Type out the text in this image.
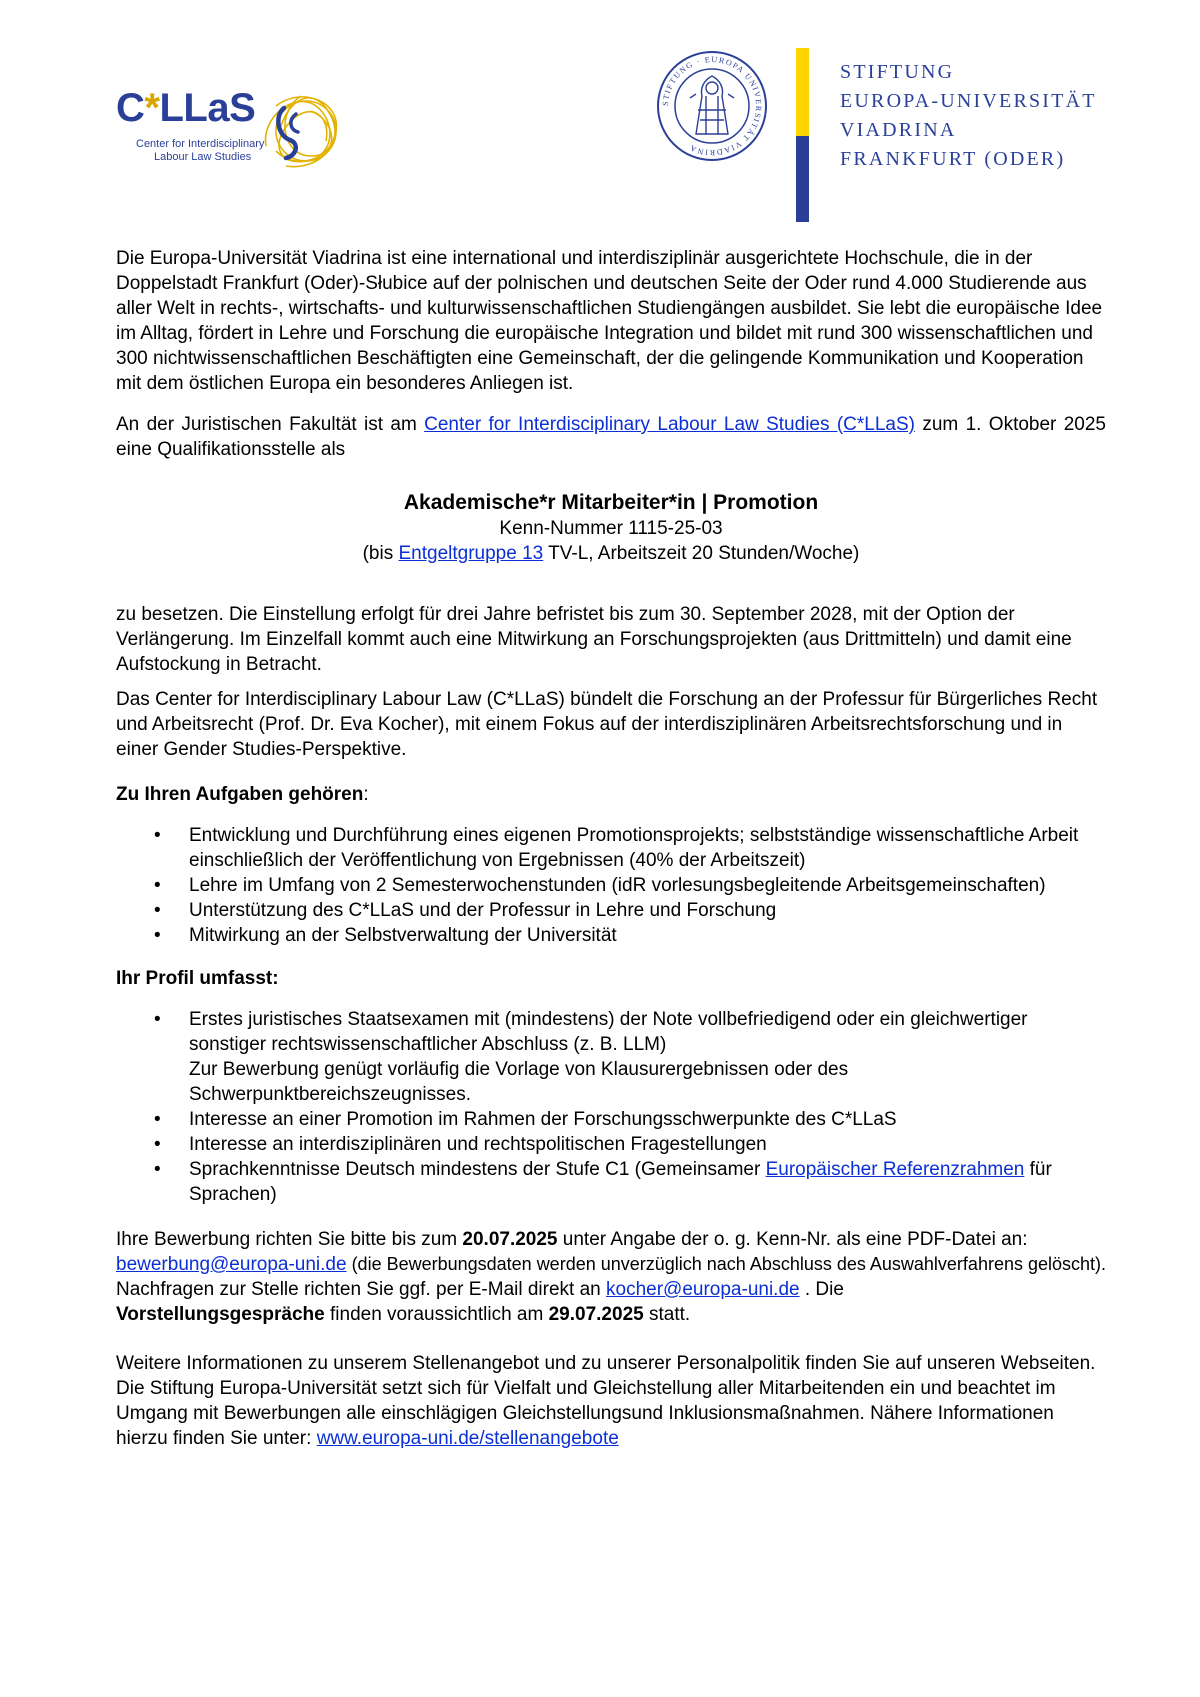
C*LLaS
Center for Interdisciplinary
Labour Law Studies
STIFTUNG · EUROPA UNIVERSITÄT VIADRINA
STIFTUNG
EUROPA-UNIVERSITÄT
VIADRINA
FRANKFURT (ODER)

Die Europa-Universität Viadrina ist eine international und interdisziplinär ausgerichtete Hochschule, die in der Doppelstadt Frankfurt (Oder)-Słubice auf der polnischen und deutschen Seite der Oder rund 4.000 Studierende aus aller Welt in rechts-, wirtschafts- und kulturwissenschaftlichen Studiengängen ausbildet. Sie lebt die europäische Idee im Alltag, fördert in Lehre und Forschung die europäische Integration und bildet mit rund 300 wissenschaftlichen und 300 nichtwissenschaftlichen Beschäftigten eine Gemeinschaft, der die gelingende Kommunikation und Kooperation mit dem östlichen Europa ein besonderes Anliegen ist.

An der Juristischen Fakultät ist am Center for Interdisciplinary Labour Law Studies (C*LLaS) zum 1. Oktober 2025 eine Qualifikationsstelle als

Akademische*r Mitarbeiter*in | Promotion
Kenn-Nummer 1115-25-03
(bis Entgeltgruppe 13 TV-L, Arbeitszeit 20 Stunden/Woche)

zu besetzen. Die Einstellung erfolgt für drei Jahre befristet bis zum 30. September 2028, mit der Option der Verlängerung. Im Einzelfall kommt auch eine Mitwirkung an Forschungsprojekten (aus Drittmitteln) und damit eine Aufstockung in Betracht.

Das Center for Interdisciplinary Labour Law (C*LLaS) bündelt die Forschung an der Professur für Bürgerliches Recht und Arbeitsrecht (Prof. Dr. Eva Kocher), mit einem Fokus auf der interdisziplinären Arbeitsrechtsforschung und in einer Gender Studies-Perspektive.

Zu Ihren Aufgaben gehören:

• Entwicklung und Durchführung eines eigenen Promotionsprojekts; selbstständige wissenschaftliche Arbeit einschließlich der Veröffentlichung von Ergebnissen (40% der Arbeitszeit)
• Lehre im Umfang von 2 Semesterwochenstunden (idR vorlesungsbegleitende Arbeitsgemeinschaften)
• Unterstützung des C*LLaS und der Professur in Lehre und Forschung
• Mitwirkung an der Selbstverwaltung der Universität

Ihr Profil umfasst:

• Erstes juristisches Staatsexamen mit (mindestens) der Note vollbefriedigend oder ein gleichwertiger sonstiger rechtswissenschaftlicher Abschluss (z. B. LLM)
Zur Bewerbung genügt vorläufig die Vorlage von Klausurergebnissen oder des Schwerpunktbereichszeugnisses.
• Interesse an einer Promotion im Rahmen der Forschungsschwerpunkte des C*LLaS
• Interesse an interdisziplinären und rechtspolitischen Fragestellungen
• Sprachkenntnisse Deutsch mindestens der Stufe C1 (Gemeinsamer Europäischer Referenzrahmen für Sprachen)

Ihre Bewerbung richten Sie bitte bis zum 20.07.2025 unter Angabe der o. g. Kenn-Nr. als eine PDF-Datei an: bewerbung@europa-uni.de (die Bewerbungsdaten werden unverzüglich nach Abschluss des Auswahlverfahrens gelöscht).
Nachfragen zur Stelle richten Sie ggf. per E-Mail direkt an kocher@europa-uni.de . Die
Vorstellungsgespräche finden voraussichtlich am 29.07.2025 statt.

Weitere Informationen zu unserem Stellenangebot und zu unserer Personalpolitik finden Sie auf unseren Webseiten. Die Stiftung Europa-Universität setzt sich für Vielfalt und Gleichstellung aller Mitarbeitenden ein und beachtet im Umgang mit Bewerbungen alle einschlägigen Gleichstellungsund Inklusionsmaßnahmen. Nähere Informationen hierzu finden Sie unter: www.europa-uni.de/stellenangebote
